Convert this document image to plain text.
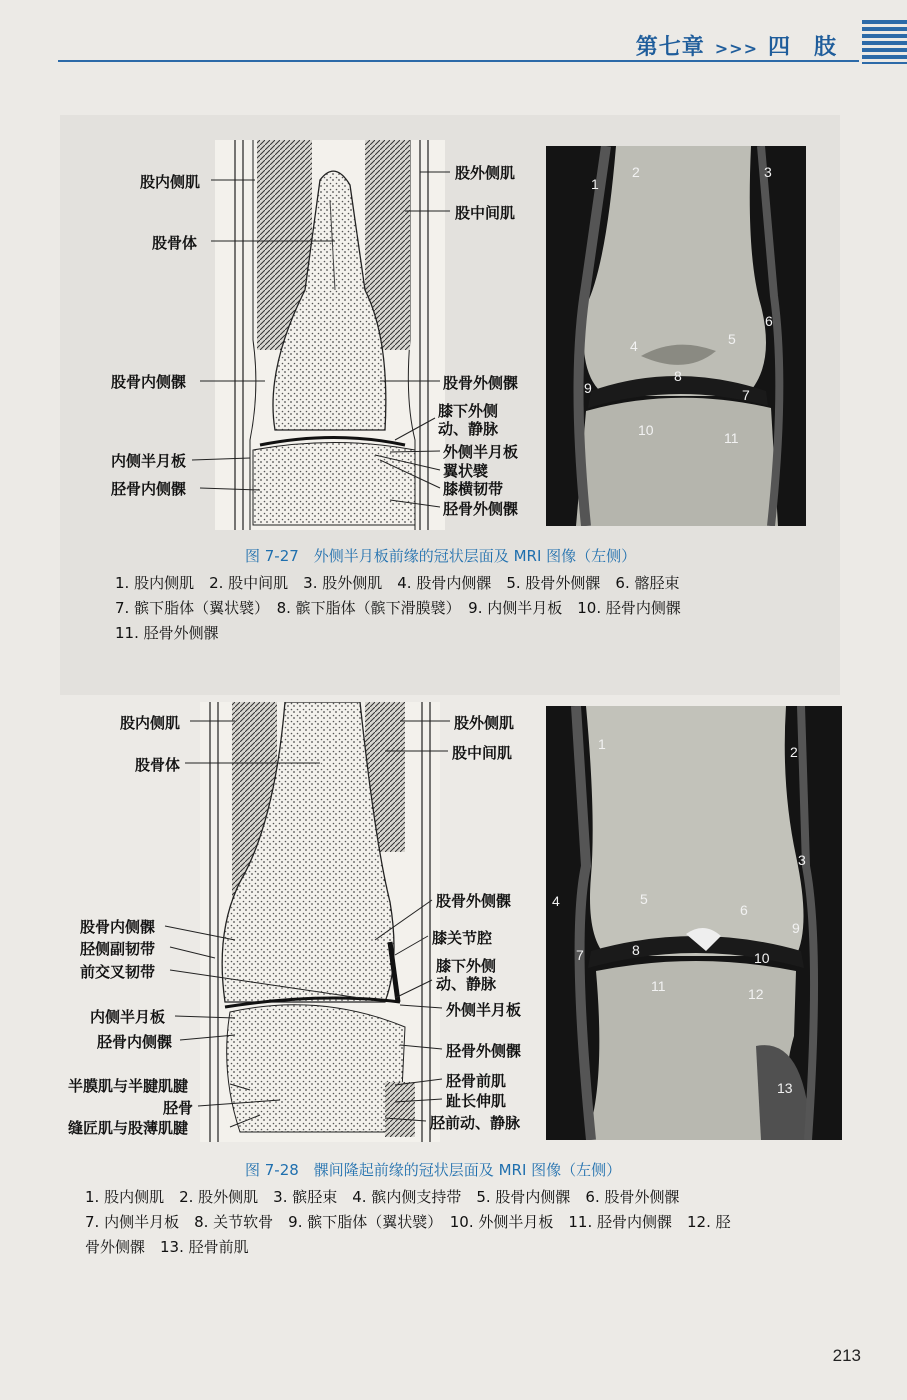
第七章 >>> 四　肢
股内侧肌
股骨体
股骨内侧髁
内侧半月板
胫骨内侧髁
股外侧肌
股中间肌
股骨外侧髁
膝下外侧
动、静脉
外侧半月板
翼状襞
膝横韧带
胫骨外侧髁
1
2	3
4	5
6
7
8
9
10	11
图 7-27　外侧半月板前缘的冠状层面及 MRI 图像（左侧）
1. 股内侧肌　2. 股中间肌　3. 股外侧肌　4. 股骨内侧髁　5. 股骨外侧髁　6. 髂胫束
7. 髌下脂体（翼状襞）　8. 髌下脂体（髌下滑膜襞）　9. 内侧半月板　10. 胫骨内侧髁
11. 胫骨外侧髁
股内侧肌
股骨体
股骨内侧髁
胫侧副韧带
前交叉韧带
内侧半月板
胫骨内侧髁
半膜肌与半腱肌腱
胫骨
缝匠肌与股薄肌腱
股外侧肌
股中间肌
股骨外侧髁
膝关节腔
膝下外侧
动、静脉
外侧半月板
胫骨外侧髁
胫骨前肌
趾长伸肌
胫前动、静脉
1	2
3
4	5
6
7	8
9
10
11	12
13
图 7-28　髁间隆起前缘的冠状层面及 MRI 图像（左侧）
1. 股内侧肌　2. 股外侧肌　3. 髌胫束　4. 髌内侧支持带　5. 股骨内侧髁　6. 股骨外侧髁
7. 内侧半月板　8. 关节软骨　9. 髌下脂体（翼状襞）　10. 外侧半月板　11. 胫骨内侧髁　12. 胫
骨外侧髁　13. 胫骨前肌
213
